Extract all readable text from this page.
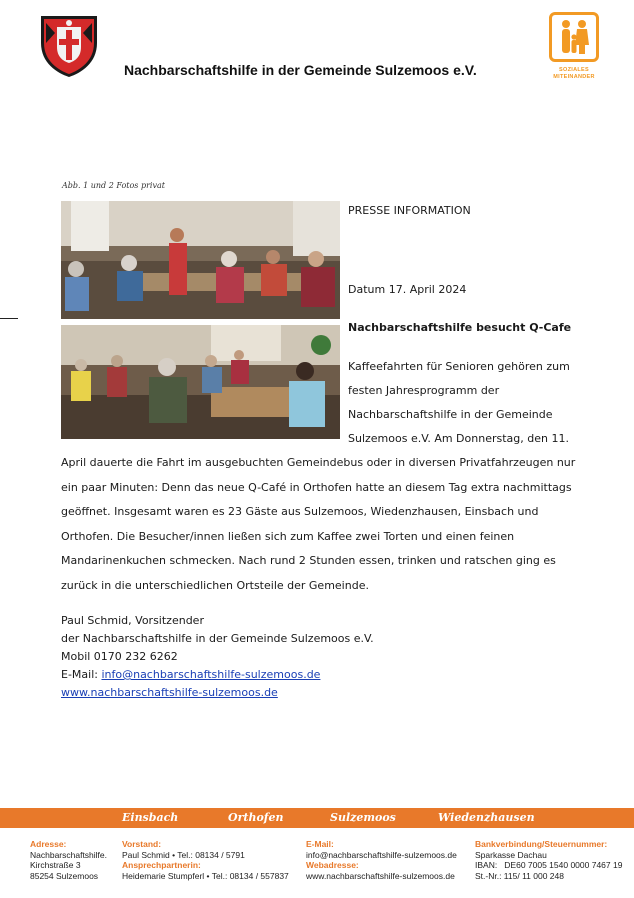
Nachbarschaftshilfe in der Gemeinde Sulzemoos e.V.	SOZIALES
MITEINANDER
Abb. 1 und 2 Fotos privat
PRESSE INFORMATION
Datum 17. April 2024
Nachbarschaftshilfe besucht Q-Cafe
Kaffeefahrten für Senioren gehören zum
festen Jahresprogramm der
Nachbarschaftshilfe in der Gemeinde
Sulzemoos e.V. Am Donnerstag, den 11.
April dauerte die Fahrt im ausgebuchten Gemeindebus oder in diversen Privatfahrzeugen nur
ein paar Minuten: Denn das neue Q-Café in Orthofen hatte an diesem Tag extra nachmittags
geöffnet. Insgesamt waren es 23 Gäste aus Sulzemoos, Wiedenzhausen, Einsbach und
Orthofen. Die Besucher/innen ließen sich zum Kaffee zwei Torten und einen feinen
Mandarinenkuchen schmecken. Nach rund 2 Stunden essen, trinken und ratschen ging es
zurück in die unterschiedlichen Ortsteile der Gemeinde.
Paul Schmid, Vorsitzender
der Nachbarschaftshilfe in der Gemeinde Sulzemoos e.V.
Mobil 0170 232 6262
E-Mail: info@nachbarschaftshilfe-sulzemoos.de
www.nachbarschaftshilfe-sulzemoos.de
Einsbach	Orthofen	Sulzemoos	Wiedenzhausen
Adresse:
Nachbarschaftshilfe.
Kirchstraße 3
85254 Sulzemoos
Vorstand:
Paul Schmid • Tel.: 08134 / 5791
Ansprechpartnerin:
Heidemarie Stumpferl • Tel.: 08134 / 557837
E-Mail:
info@nachbarschaftshilfe-sulzemoos.de
Webadresse:
www.nachbarschaftshilfe-sulzemoos.de
Bankverbindung/Steuernummer:
Sparkasse Dachau
IBAN:   DE60 7005 1540 0000 7467 19
St.-Nr.: 115/ 11 000 248
